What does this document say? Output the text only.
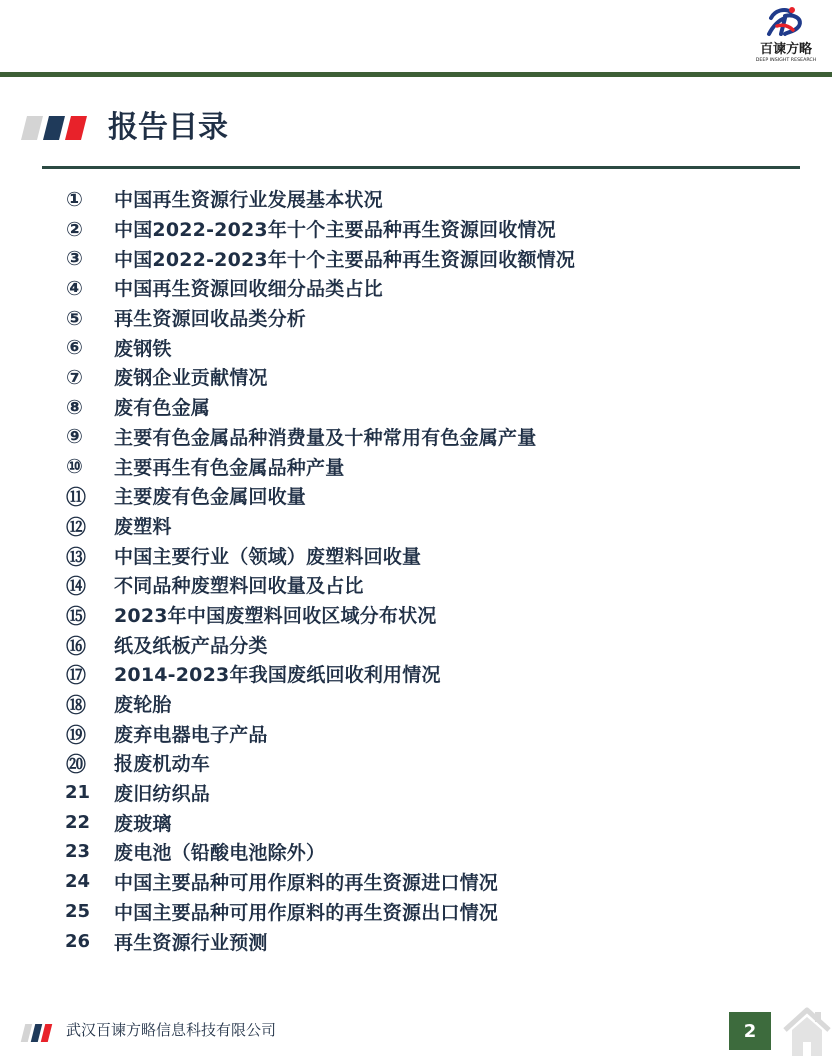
百谏方略
DEEP INSIGHT RESEARCH
报告目录
①	中国再生资源行业发展基本状况
②	中国2022-2023年十个主要品种再生资源回收情况
③	中国2022-2023年十个主要品种再生资源回收额情况
④	中国再生资源回收细分品类占比
⑤	再生资源回收品类分析
⑥	废钢铁
⑦	废钢企业贡献情况
⑧	废有色金属
⑨	主要有色金属品种消费量及十种常用有色金属产量
⑩	主要再生有色金属品种产量
⑪	主要废有色金属回收量
⑫	废塑料
⑬	中国主要行业（领域）废塑料回收量
⑭	不同品种废塑料回收量及占比
⑮	2023年中国废塑料回收区域分布状况
⑯	纸及纸板产品分类
⑰	2014-2023年我国废纸回收利用情况
⑱	废轮胎
⑲	废弃电器电子产品
⑳	报废机动车
21	废旧纺织品
22	废玻璃
23	废电池（铅酸电池除外）
24	中国主要品种可用作原料的再生资源进口情况
25	中国主要品种可用作原料的再生资源出口情况
26	再生资源行业预测
武汉百谏方略信息科技有限公司	2
